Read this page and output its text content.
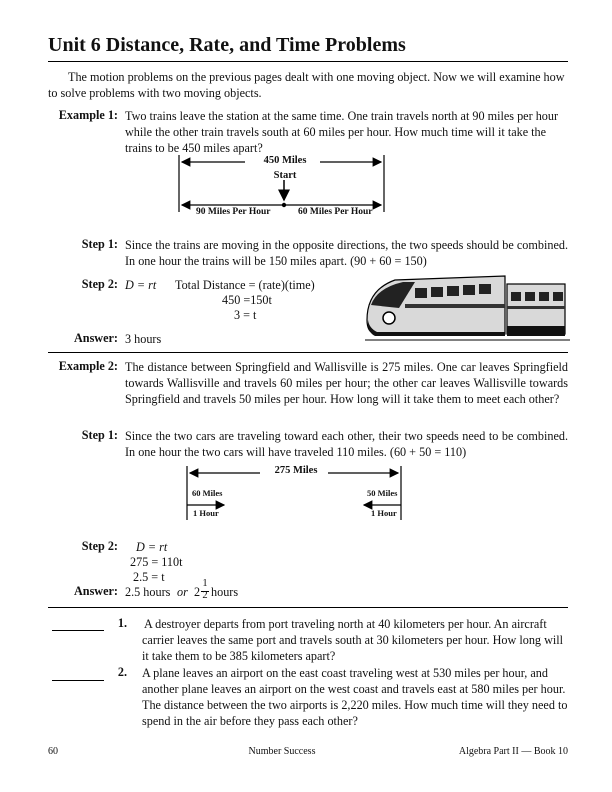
Unit 6 Distance, Rate, and Time Problems
The motion problems on the previous pages dealt with one moving object. Now we will examine how to solve problems with two moving objects.
Example 1: Two trains leave the station at the same time. One train travels north at 90 miles per hour while the other train travels south at 60 miles per hour. How much time will it take the trains to be 450 miles apart?
450 Miles
Start
90 Miles Per Hour	60 Miles Per Hour
Step 1: Since the trains are moving in the opposite directions, the two speeds should be combined. In one hour the trains will be 150 miles apart. (90 + 60 = 150)
Step 2: D = rt Total Distance = (rate)(time)
450 =150t
3 = t
Answer: 3 hours
Example 2: The distance between Springfield and Wallisville is 275 miles. One car leaves Springfield towards Wallisville and travels 60 miles per hour; the other car leaves Wallisville towards Springfield and travels 50 miles per hour. How long will it take them to meet each other?
Step 1: Since the two cars are traveling toward each other, their two speeds need to be combined. In one hour the two cars will have traveled 110 miles. (60 + 50 = 110)
275 Miles
60 Miles	50 Miles
1 Hour	1 Hour
Step 2: D = rt
275 = 110t
2.5 = t
Answer: 2.5 hours or 2
1
2 hours
1. A destroyer departs from port traveling north at 40 kilometers per hour. An aircraft carrier leaves the same port and travels south at 30 kilometers per hour. How long will it take them to be 385 kilometers apart?
2. A plane leaves an airport on the east coast traveling west at 530 miles per hour, and another plane leaves an airport on the west coast and travels east at 580 miles per hour. The distance between the two airports is 2,220 miles. How much time will they need to spend in the air before they pass each other?
60	Number Success	Algebra Part II — Book 10
